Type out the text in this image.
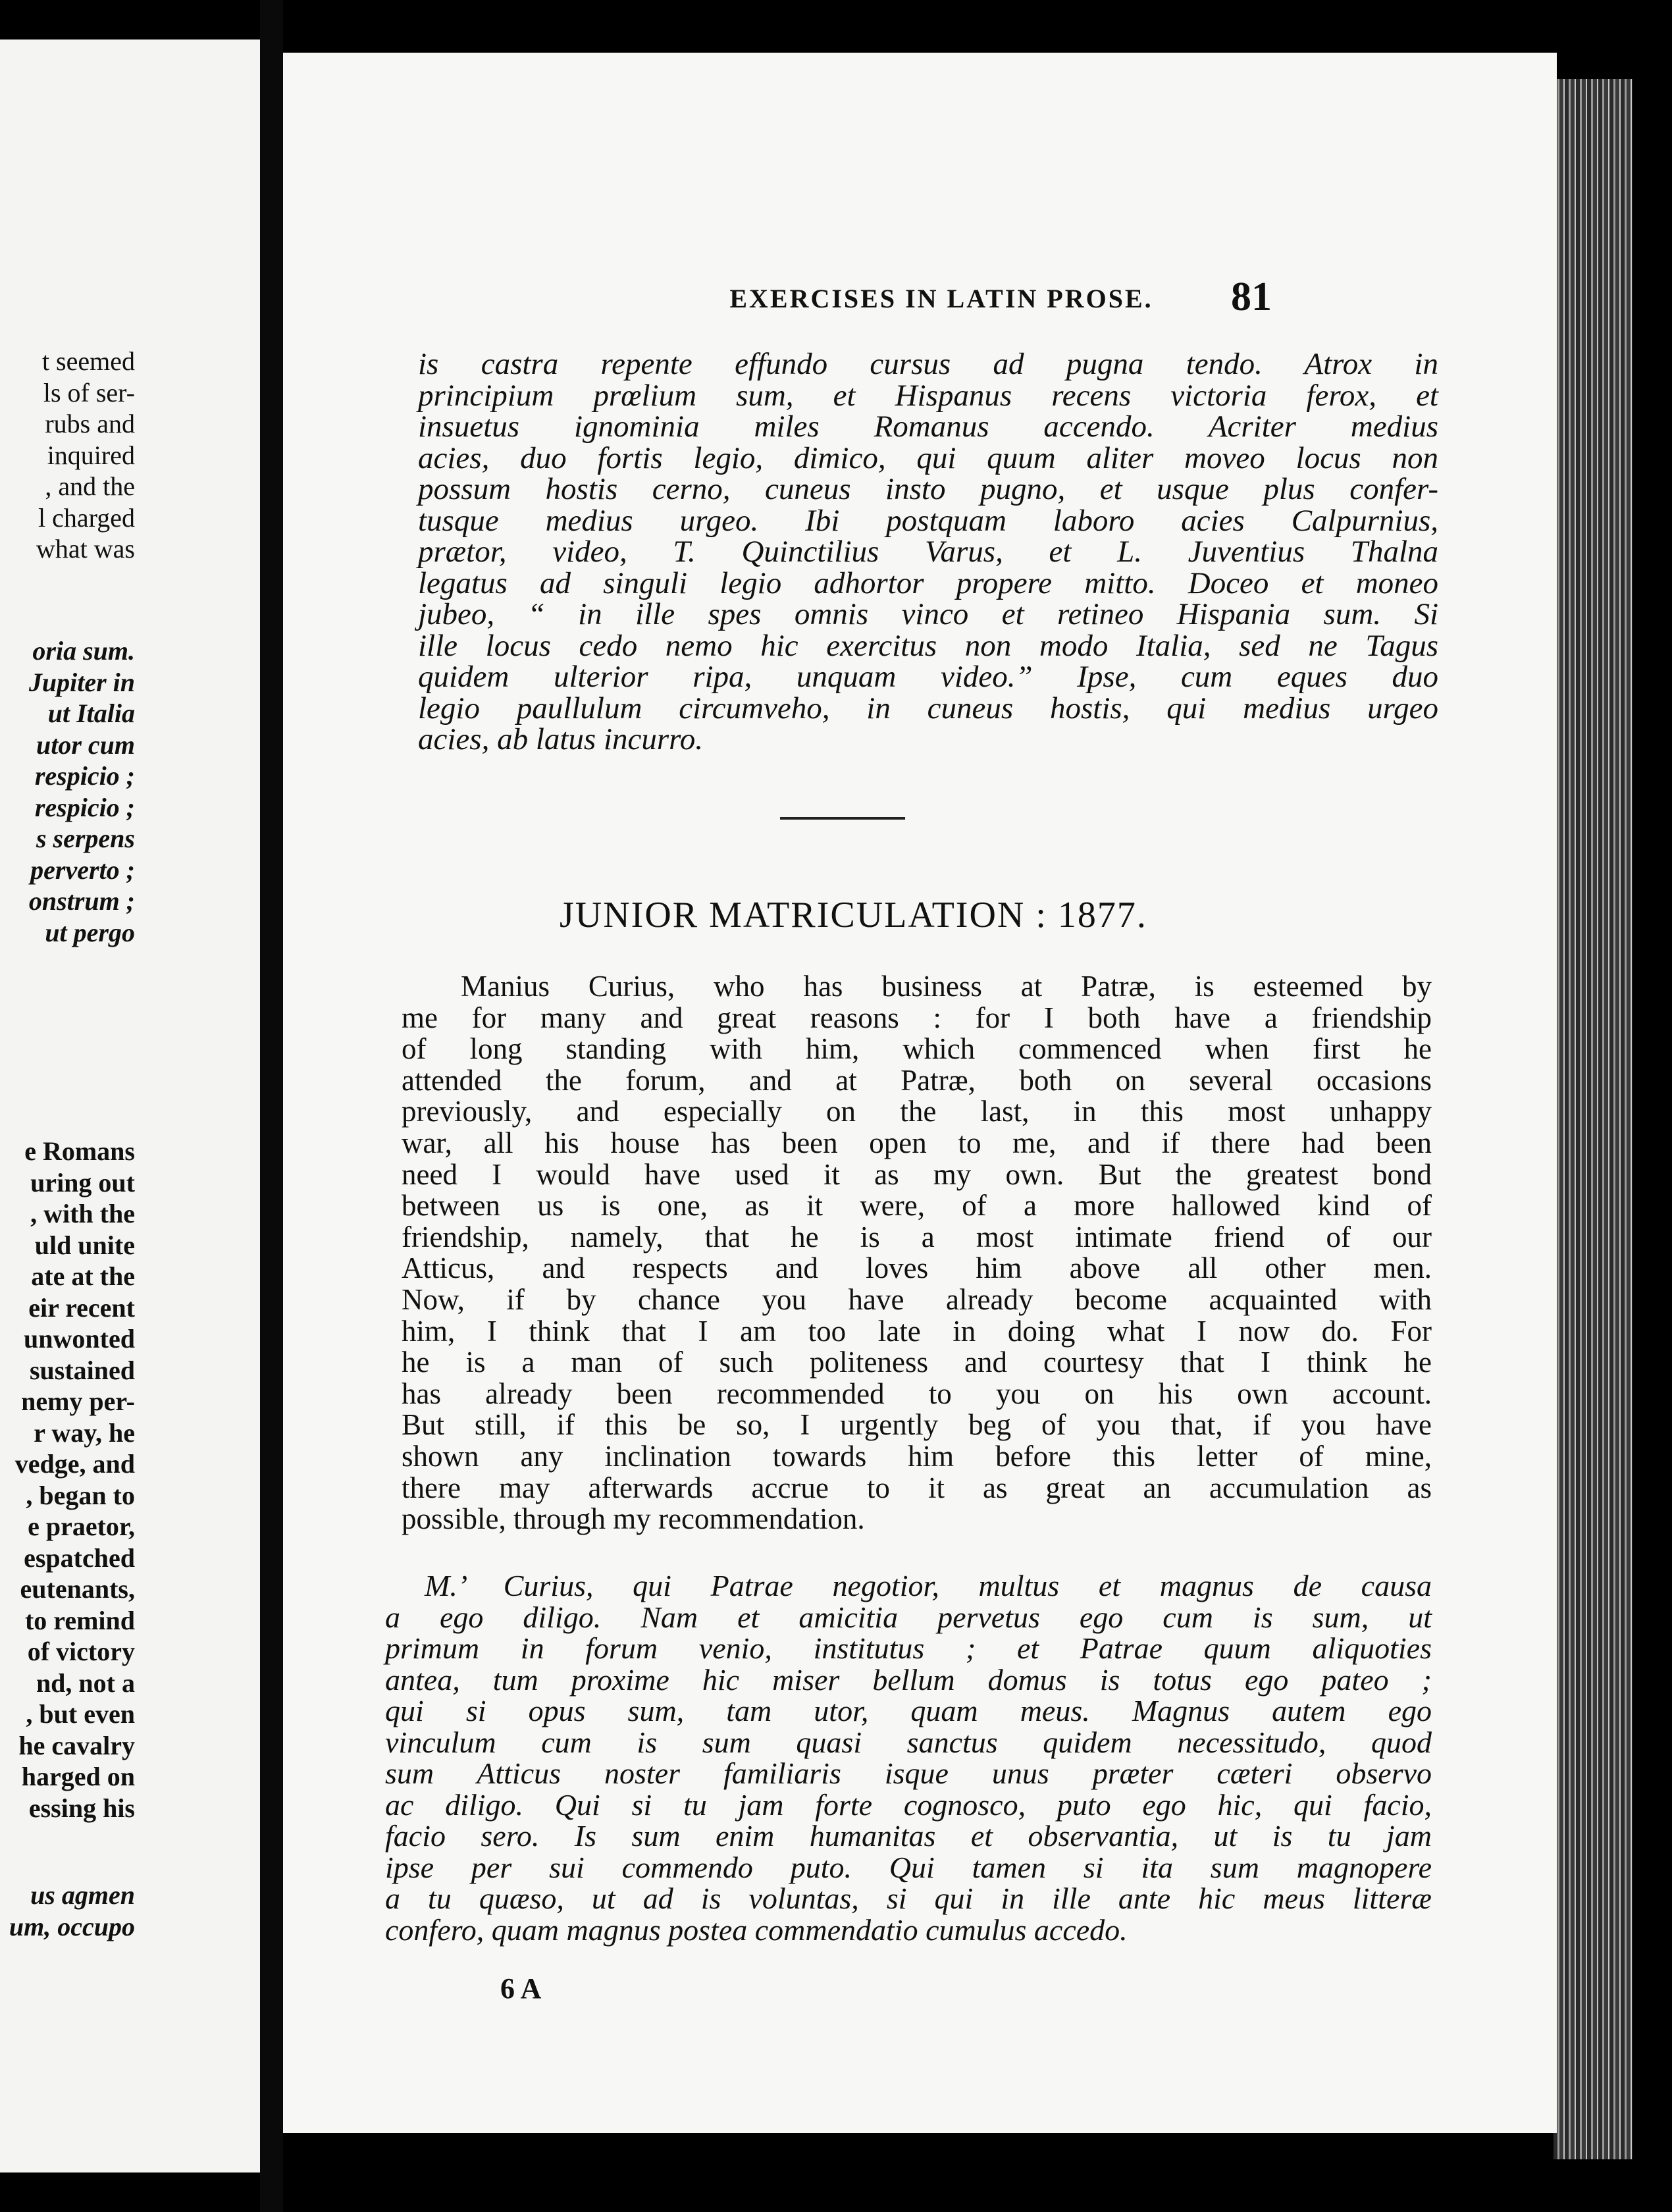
t seemed
ls of ser-
rubs and
inquired
, and the
l charged
what was
oria sum.
Jupiter in
ut Italia
utor cum
respicio ;
respicio ;
s serpens
perverto ;
onstrum ;
ut pergo
e Romans
uring out
, with the
uld unite
ate at the
eir recent
unwonted
sustained
nemy per-
r way, he
vedge, and
, began to
e praetor,
espatched
eutenants,
to remind
of victory
nd, not a
, but even
he cavalry
harged on
essing his
us agmen
um, occupo
EXERCISES IN LATIN PROSE.	81
is castra repente effundo cursus ad pugna tendo. Atrox in
principium prœlium sum, et Hispanus recens victoria ferox, et
insuetus ignominia miles Romanus accendo. Acriter medius
acies, duo fortis legio, dimico, qui quum aliter moveo locus non
possum hostis cerno, cuneus insto pugno, et usque plus confer-
tusque medius urgeo. Ibi postquam laboro acies Calpurnius,
prætor, video, T. Quinctilius Varus, et L. Juventius Thalna
legatus ad singuli legio adhortor propere mitto. Doceo et moneo
jubeo, “ in ille spes omnis vinco et retineo Hispania sum. Si
ille locus cedo nemo hic exercitus non modo Italia, sed ne Tagus
quidem ulterior ripa, unquam video.” Ipse, cum eques duo
legio paullulum circumveho, in cuneus hostis, qui medius urgeo
acies, ab latus incurro.
JUNIOR MATRICULATION : 1877.
Manius Curius, who has business at Patræ, is esteemed by
me for many and great reasons : for I both have a friendship
of long standing with him, which commenced when first he
attended the forum, and at Patræ, both on several occasions
previously, and especially on the last, in this most unhappy
war, all his house has been open to me, and if there had been
need I would have used it as my own. But the greatest bond
between us is one, as it were, of a more hallowed kind of
friendship, namely, that he is a most intimate friend of our
Atticus, and respects and loves him above all other men.
Now, if by chance you have already become acquainted with
him, I think that I am too late in doing what I now do. For
he is a man of such politeness and courtesy that I think he
has already been recommended to you on his own account.
But still, if this be so, I urgently beg of you that, if you have
shown any inclination towards him before this letter of mine,
there may afterwards accrue to it as great an accumulation as
possible, through my recommendation.
M.’ Curius, qui Patrae negotior, multus et magnus de causa
a ego diligo. Nam et amicitia pervetus ego cum is sum, ut
primum in forum venio, institutus ; et Patrae quum aliquoties
antea, tum proxime hic miser bellum domus is totus ego pateo ;
qui si opus sum, tam utor, quam meus. Magnus autem ego
vinculum cum is sum quasi sanctus quidem necessitudo, quod
sum Atticus noster familiaris isque unus præter cæteri observo
ac diligo. Qui si tu jam forte cognosco, puto ego hic, qui facio,
facio sero. Is sum enim humanitas et observantia, ut is tu jam
ipse per sui commendo puto. Qui tamen si ita sum magnopere
a tu quæso, ut ad is voluntas, si qui in ille ante hic meus litteræ
confero, quam magnus postea commendatio cumulus accedo.
6 A
